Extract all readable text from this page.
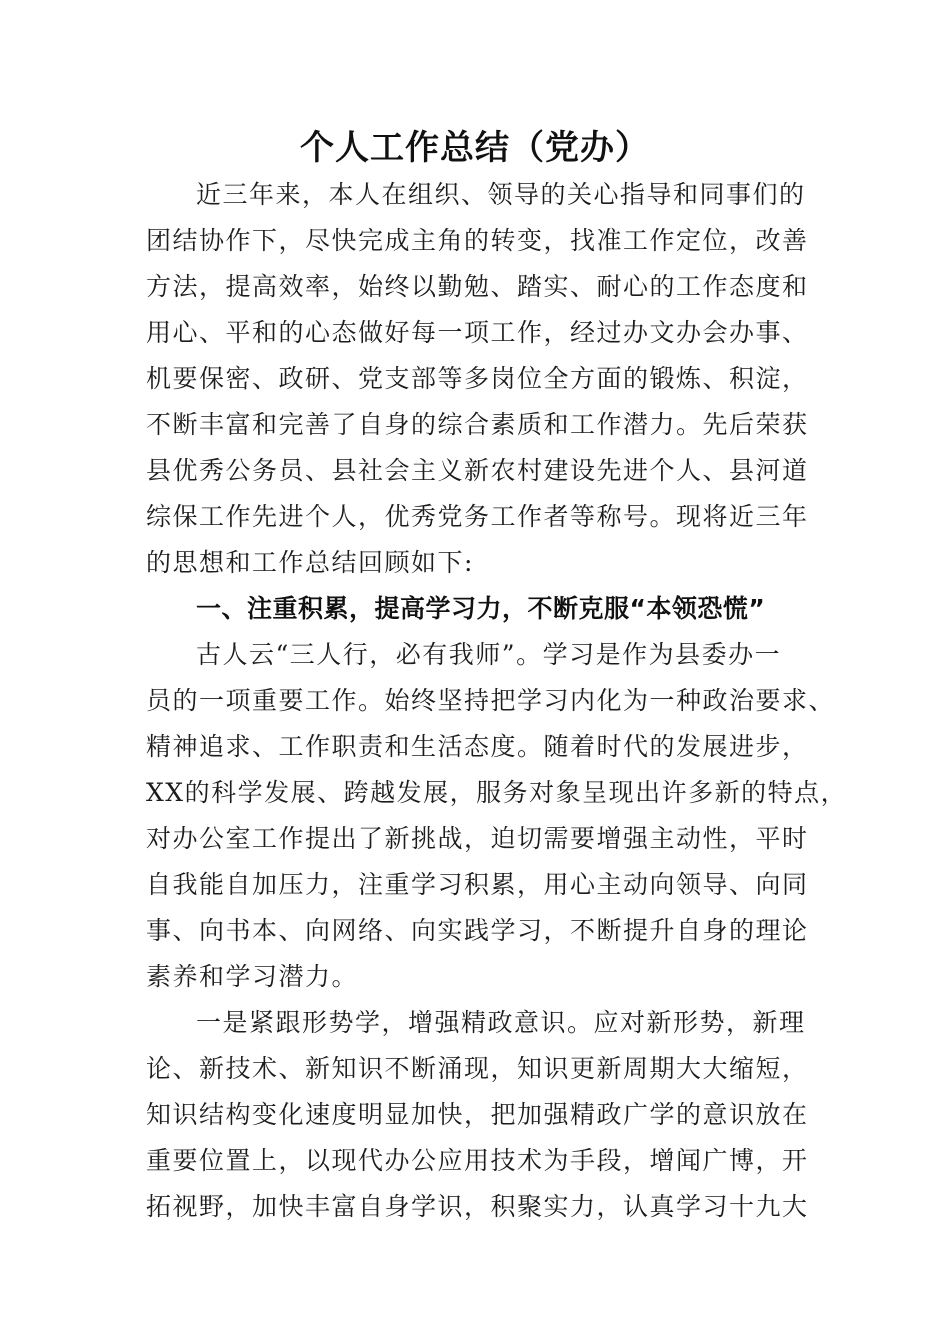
个人工作总结（党办）
近三年来，本人在组织、领导的关心指导和同事们的
团结协作下，尽快完成主角的转变，找准工作定位，改善
方法，提高效率，始终以勤勉、踏实、耐心的工作态度和
用心、平和的心态做好每一项工作，经过办文办会办事、
机要保密、政研、党支部等多岗位全方面的锻炼、积淀，
不断丰富和完善了自身的综合素质和工作潜力。先后荣获
县优秀公务员、县社会主义新农村建设先进个人、县河道
综保工作先进个人，优秀党务工作者等称号。现将近三年
的思想和工作总结回顾如下:
一、注重积累，提高学习力，不断克服“本领恐慌”
古人云“三人行，必有我师”。学习是作为县委办一
员的一项重要工作。始终坚持把学习内化为一种政治要求、
精神追求、工作职责和生活态度。随着时代的发展进步，
XX的科学发展、跨越发展，服务对象呈现出许多新的特点，
对办公室工作提出了新挑战，迫切需要增强主动性，平时
自我能自加压力，注重学习积累，用心主动向领导、向同
事、向书本、向网络、向实践学习，不断提升自身的理论
素养和学习潜力。
一是紧跟形势学，增强精政意识。应对新形势，新理
论、新技术、新知识不断涌现，知识更新周期大大缩短，
知识结构变化速度明显加快，把加强精政广学的意识放在
重要位置上，以现代办公应用技术为手段，增闻广博，开
拓视野，加快丰富自身学识，积聚实力，认真学习十九大
